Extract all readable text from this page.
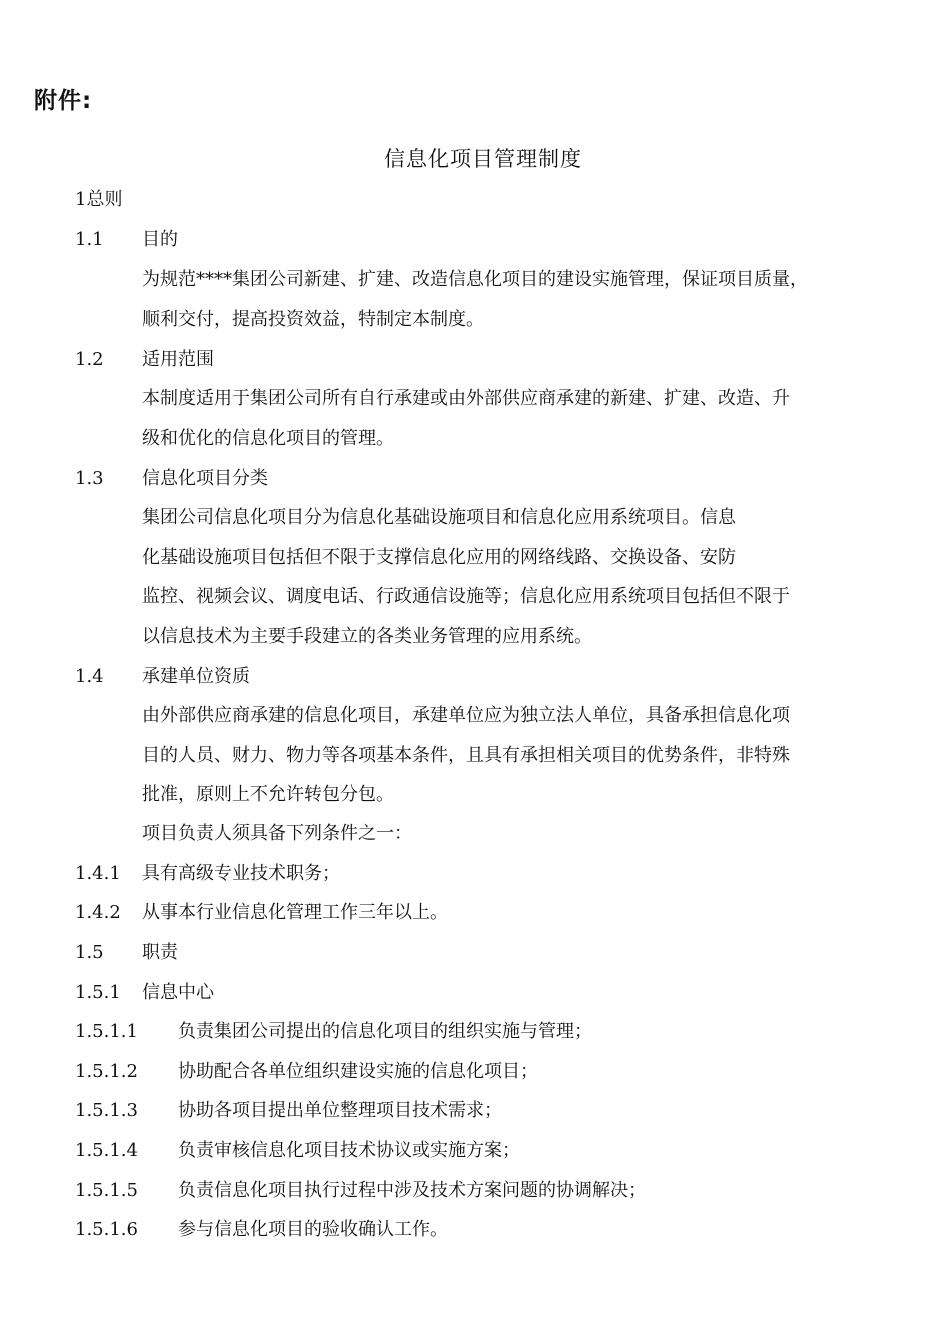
附件:
信息化项目管理制度
1总则
1.1 目的
为规范****集团公司新建、扩建、改造信息化项目的建设实施管理，保证项目质量，
顺利交付，提高投资效益，特制定本制度。
1.2 适用范围
本制度适用于集团公司所有自行承建或由外部供应商承建的新建、扩建、改造、升
级和优化的信息化项目的管理。
1.3 信息化项目分类
集团公司信息化项目分为信息化基础设施项目和信息化应用系统项目。信息
化基础设施项目包括但不限于支撑信息化应用的网络线路、交换设备、安防
监控、视频会议、调度电话、行政通信设施等；信息化应用系统项目包括但不限于
以信息技术为主要手段建立的各类业务管理的应用系统。
1.4 承建单位资质
由外部供应商承建的信息化项目，承建单位应为独立法人单位，具备承担信息化项
目的人员、财力、物力等各项基本条件，且具有承担相关项目的优势条件，非特殊
批准，原则上不允许转包分包。
项目负责人须具备下列条件之一：
1.4.1 具有高级专业技术职务；
1.4.2 从事本行业信息化管理工作三年以上。
1.5 职责
1.5.1 信息中心
1.5.1.1 负责集团公司提出的信息化项目的组织实施与管理；
1.5.1.2 协助配合各单位组织建设实施的信息化项目；
1.5.1.3 协助各项目提出单位整理项目技术需求；
1.5.1.4 负责审核信息化项目技术协议或实施方案；
1.5.1.5 负责信息化项目执行过程中涉及技术方案问题的协调解决；
1.5.1.6 参与信息化项目的验收确认工作。
